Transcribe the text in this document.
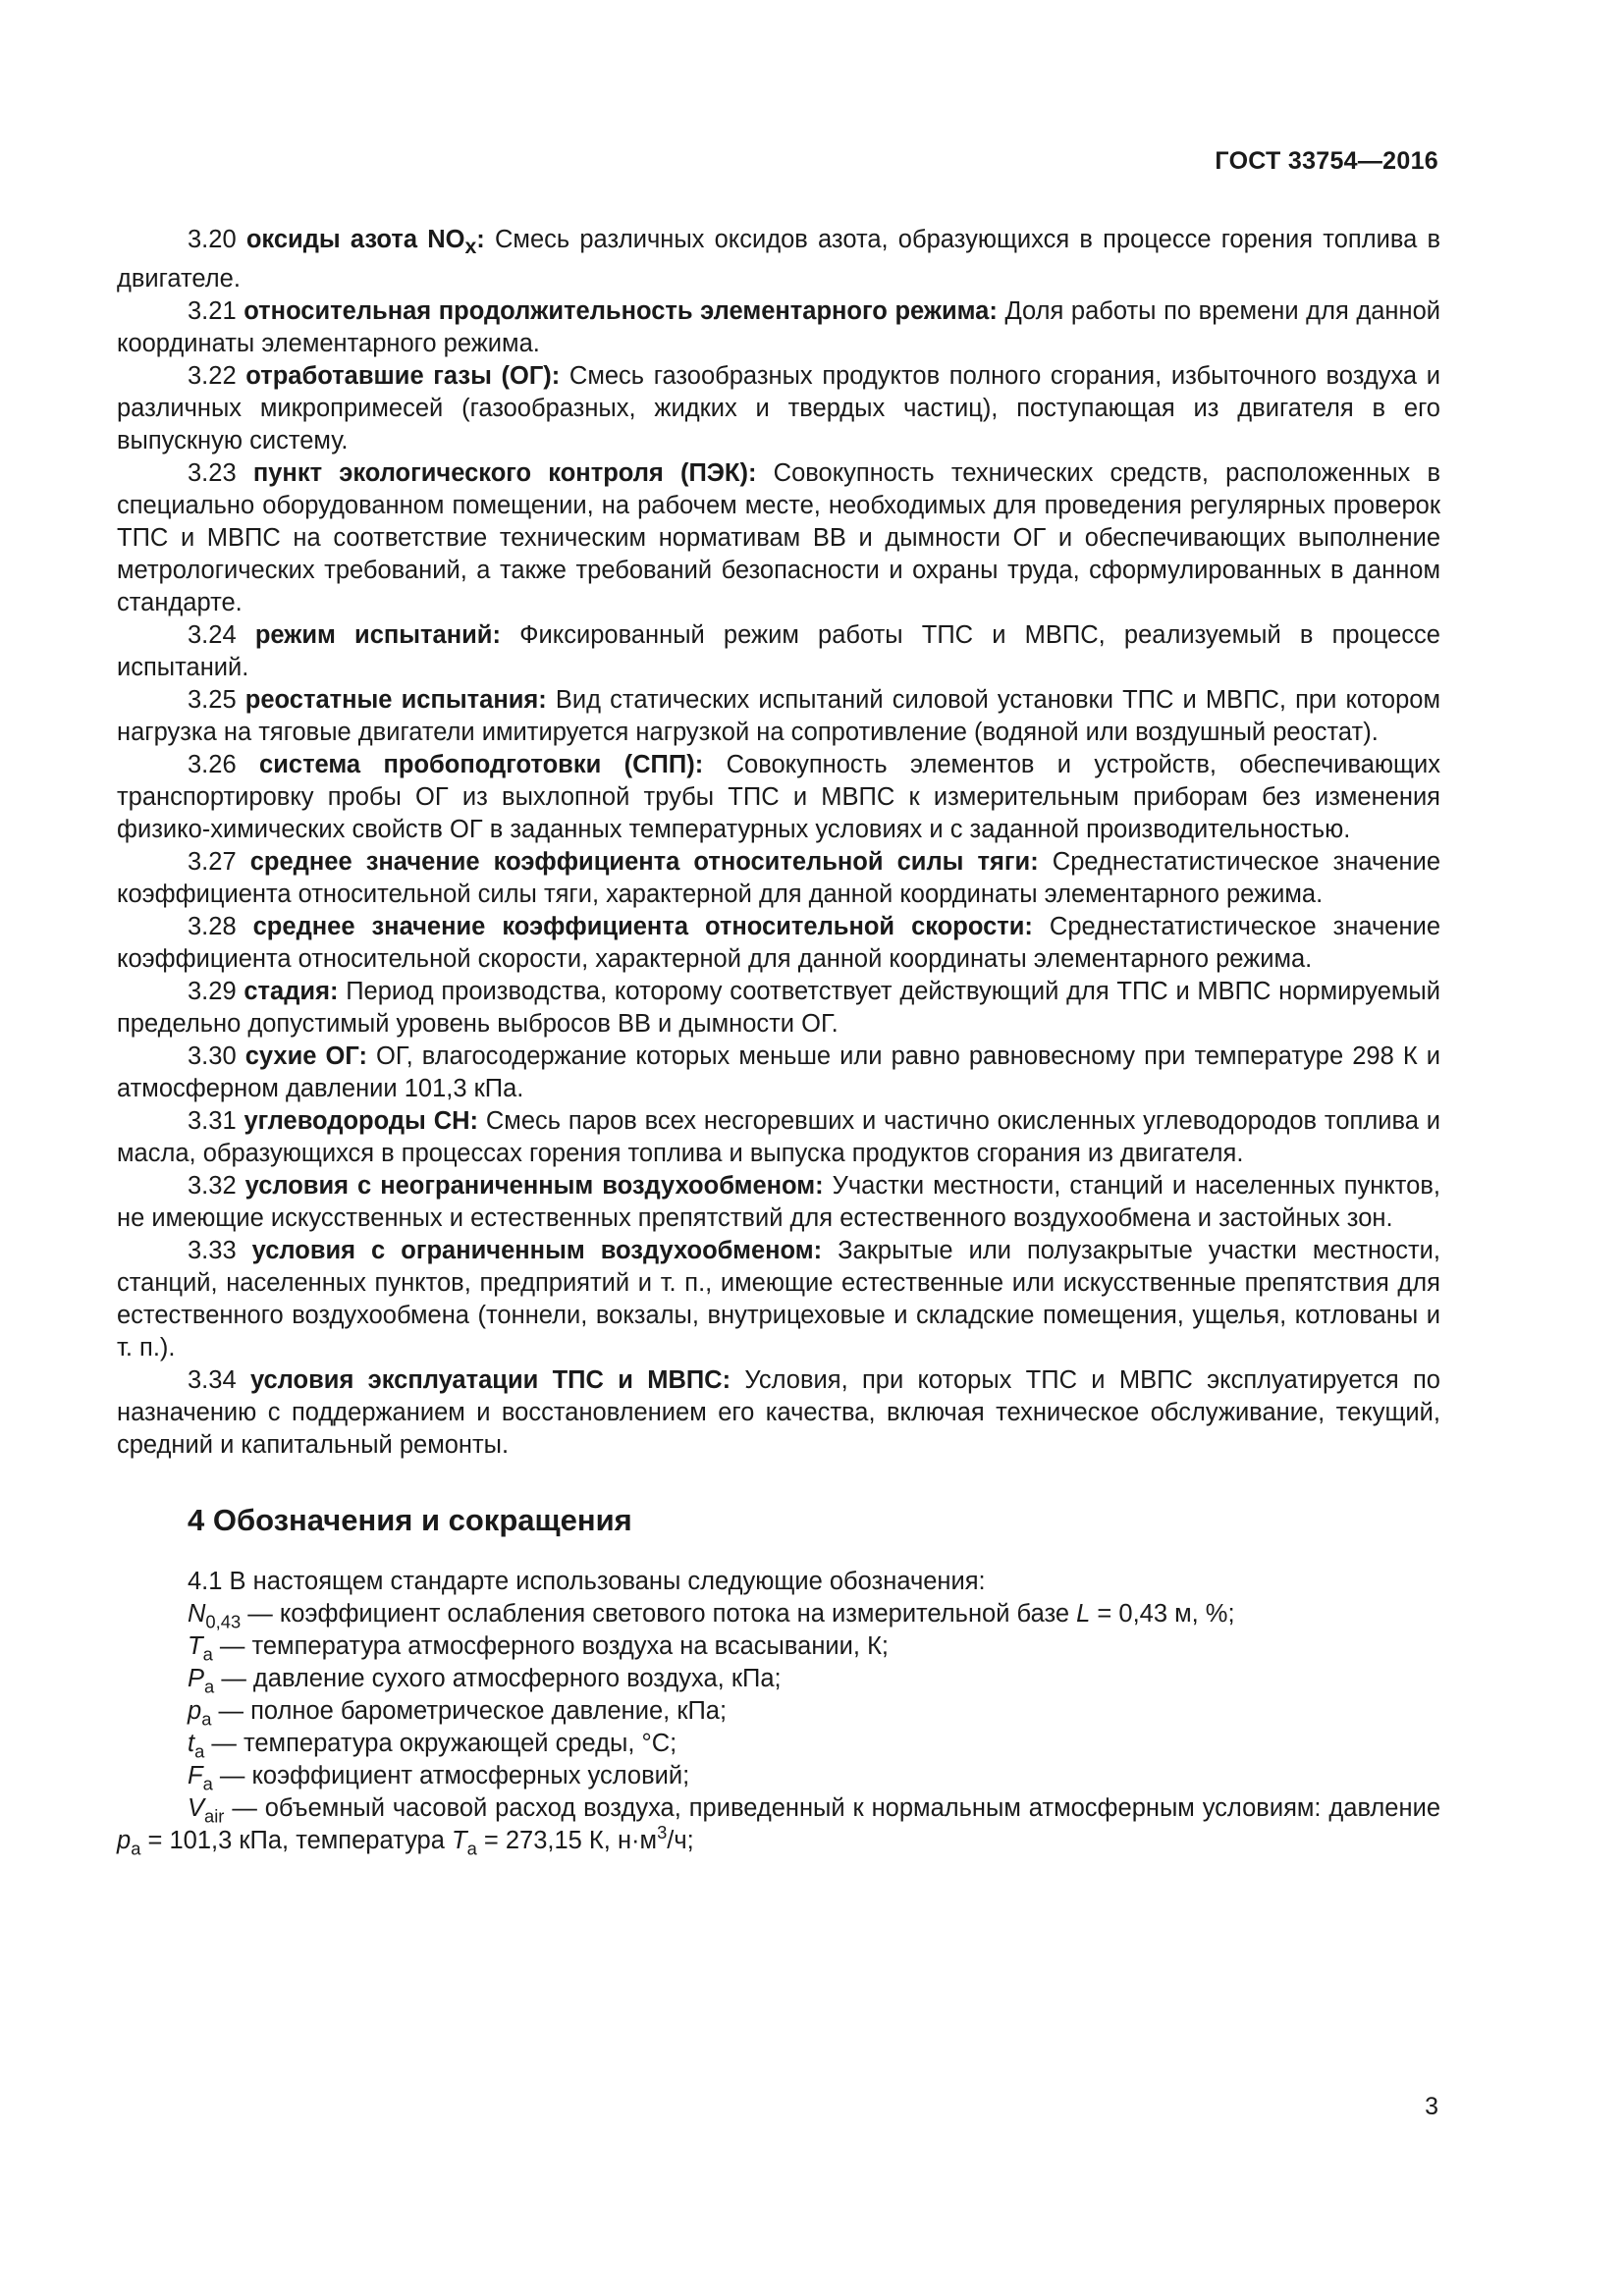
ГОСТ 33754—2016

3.20 оксиды азота $NO_x$: Смесь различных оксидов азота, образующихся в процессе горения топлива в двигателе.

3.21 относительная продолжительность элементарного режима: Доля работы по времени для данной координаты элементарного режима.

3.22 отработавшие газы (ОГ): Смесь газообразных продуктов полного сгорания, избыточного воздуха и различных микропримесей (газообразных, жидких и твердых частиц), поступающая из двигателя в его выпускную систему.

3.23 пункт экологического контроля (ПЭК): Совокупность технических средств, расположенных в специально оборудованном помещении, на рабочем месте, необходимых для проведения регулярных проверок ТПС и МВПС на соответствие техническим нормативам ВВ и дымности ОГ и обеспечивающих выполнение метрологических требований, а также требований безопасности и охраны труда, сформулированных в данном стандарте.

3.24 режим испытаний: Фиксированный режим работы ТПС и МВПС, реализуемый в процессе испытаний.

3.25 реостатные испытания: Вид статических испытаний силовой установки ТПС и МВПС, при котором нагрузка на тяговые двигатели имитируется нагрузкой на сопротивление (водяной или воздушный реостат).

3.26 система пробоподготовки (СПП): Совокупность элементов и устройств, обеспечивающих транспортировку пробы ОГ из выхлопной трубы ТПС и МВПС к измерительным приборам без изменения физико-химических свойств ОГ в заданных температурных условиях и с заданной производительностью.

3.27 среднее значение коэффициента относительной силы тяги: Среднестатистическое значение коэффициента относительной силы тяги, характерной для данной координаты элементарного режима.

3.28 среднее значение коэффициента относительной скорости: Среднестатистическое значение коэффициента относительной скорости, характерной для данной координаты элементарного режима.

3.29 стадия: Период производства, которому соответствует действующий для ТПС и МВПС нормируемый предельно допустимый уровень выбросов ВВ и дымности ОГ.

3.30 сухие ОГ: ОГ, влагосодержание которых меньше или равно равновесному при температуре 298 К и атмосферном давлении 101,3 кПа.

3.31 углеводороды СН: Смесь паров всех несгоревших и частично окисленных углеводородов топлива и масла, образующихся в процессах горения топлива и выпуска продуктов сгорания из двигателя.

3.32 условия с неограниченным воздухообменом: Участки местности, станций и населенных пунктов, не имеющие искусственных и естественных препятствий для естественного воздухообмена и застойных зон.

3.33 условия с ограниченным воздухообменом: Закрытые или полузакрытые участки местности, станций, населенных пунктов, предприятий и т. п., имеющие естественные или искусственные препятствия для естественного воздухообмена (тоннели, вокзалы, внутрицеховые и складские помещения, ущелья, котлованы и т. п.).

3.34 условия эксплуатации ТПС и МВПС: Условия, при которых ТПС и МВПС эксплуатируется по назначению с поддержанием и восстановлением его качества, включая техническое обслуживание, текущий, средний и капитальный ремонты.

4 Обозначения и сокращения

4.1 В настоящем стандарте использованы следующие обозначения:

$N_{0,43}$ — коэффициент ослабления светового потока на измерительной базе L = 0,43 м, %;

$T_a$ — температура атмосферного воздуха на всасывании, К;

$P_a$ — давление сухого атмосферного воздуха, кПа;

$p_a$ — полное барометрическое давление, кПа;

$t_a$ — температура окружающей среды, °С;

$F_a$ — коэффициент атмосферных условий;

$V_{air}$ — объемный часовой расход воздуха, приведенный к нормальным атмосферным условиям: давление $p_a = 101,3$ кПа, температура $T_a = 273,15$ К, $н\cdot м^3/ч$;

3
